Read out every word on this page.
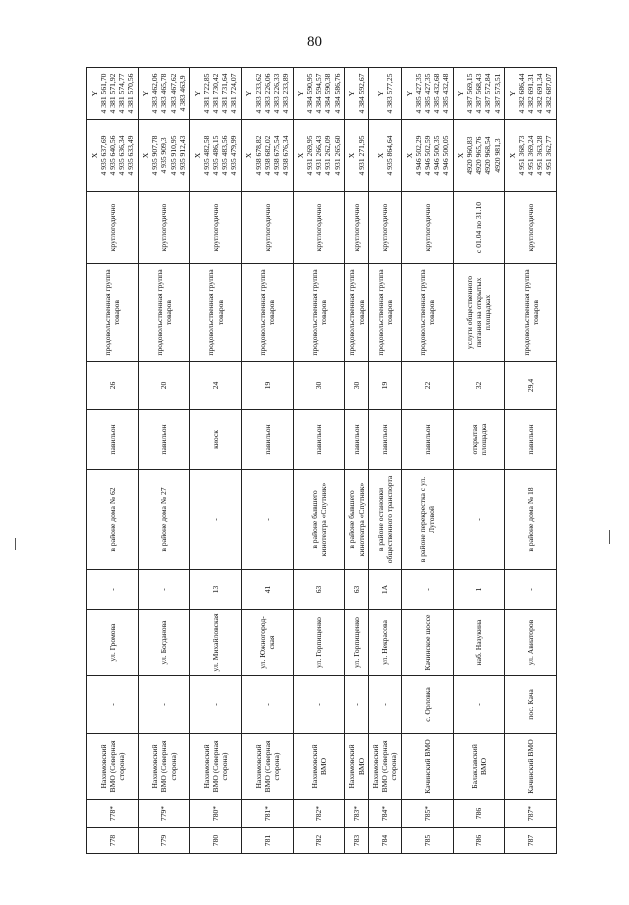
80
778	778*	Нахимовский ВМО (Северная сторона)	-	ул. Громова	-	в районе дома № 62	павильон	26	продовольственная группа товаров	круглогодично	X 4 935 637,69 4 935 640,56 4 935 636,34 4 935 633,49	Y 4 381 561,70 4 381 571,92 4 381 574,77 4 381 570,56	

779	779*	Нахимовский ВМО (Северная сторона)	-	ул. Богданова	-	в районе дома № 27	павильон	20	продовольственная группа товаров	круглогодично	X 4 935 907,78 4 935 909,3 4 935 910,95 4 935 912,43	Y 4 383 462,06 4 383 465,78 4 383 467,62 4 383 463,9	

780	780*	Нахимовский ВМО (Северная сторона)	-	ул. Михайловская	13	-	киоск	24	продовольственная группа товаров	круглогодично	X 4 935 482,58 4 935 486,15 4 935 483,56 4 935 479,99	Y 4 381 722,85 4 381 730,42 4 381 731,64 4 381 724,07	

781	781*	Нахимовский ВМО (Северная сторона)	-	ул. Южногород-ская	41	-	павильон	19	продовольственная группа товаров	круглогодично	X 4 938 678,82 4 938 682,02 4 938 675,54 4 938 676,34	Y 4 383 233,62 4 383 226,06 4 383 226,33 4 383 233,89	

782	782*	Нахимовский ВМО	-	ул. Горпищенко	63	в районе бывшего кинотеатра «Спутник»	павильон	30	продовольственная группа товаров	круглогодично	X 4 931 269,95 4 931 266,43 4 931 262,09 4 931 265,60	Y 4 384 590,95 4 384 594,57 4 384 590,38 4 384 586,76	

783	783*	Нахимовский ВМО	-	ул. Горпищенко	63	в районе бывшего кинотеатра «Спутник»	павильон	30	продовольственная группа товаров	круглогодично	X 4 931 271,95	Y 4 384 592,67	

784	784*	Нахимовский ВМО (Северная сторона)	-	ул. Некрасова	1А	в районе остановки общественного транспорта	павильон	19	продовольственная группа товаров	круглогодично	X 4 935 864,64	Y 4 383 577,25	

785	785*	Качинский ВМО	с. Орловка	Качинское шоссе	-	в районе перекрестка с ул. Луговой	павильон	22	продовольственная группа товаров	круглогодично	X 4 946 502,29 4 946 502,59 4 946 500,35 4 946 500,05	Y 4 385 427,35 4 385 427,35 4 385 432,68 4 385 432,48	

786	786	Балаклавский ВМО	-	наб. Назукина	1	-	открытая площадка	32	услуги общественного питания на открытых площадках	с 01.04 по 31.10	X 4920 960,83 4920 965,76 4920 968,54 4920 981,3	Y 4 387 569,15 4 387 568,43 4 387 572,84 4 387 573,51	

787	787*	Качинский ВМО	пос. Кача	ул. Авиаторов	-	в районе дома № 18	павильон	29,4	продовольственная группа товаров	круглогодично	X 4 951 368,73 4 951 369,24 4 951 363,28 4 951 362,77	Y 4 382 686,44 4 382 691,31 4 382 691,34 4 382 687,07	
